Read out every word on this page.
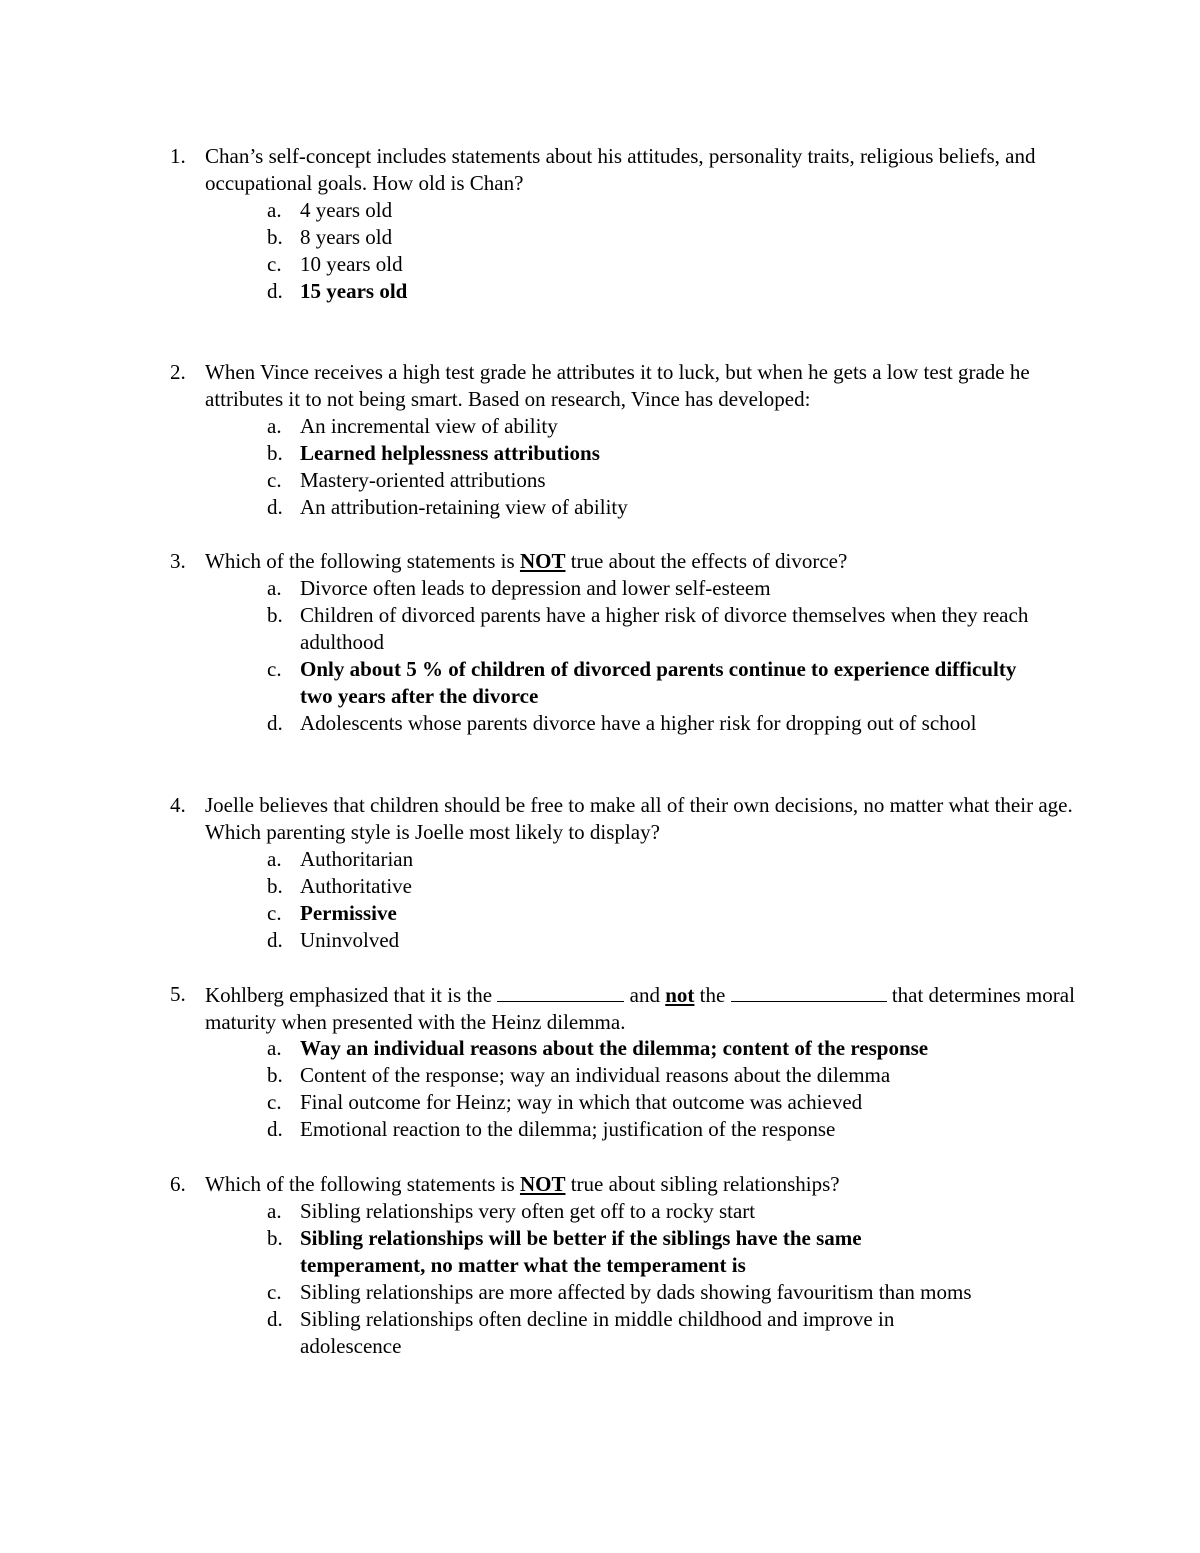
1. Chan’s self-concept includes statements about his attitudes, personality traits, religious beliefs, and occupational goals. How old is Chan?
a. 4 years old
b. 8 years old
c. 10 years old
d. 15 years old
2. When Vince receives a high test grade he attributes it to luck, but when he gets a low test grade he attributes it to not being smart. Based on research, Vince has developed:
a. An incremental view of ability
b. Learned helplessness attributions
c. Mastery-oriented attributions
d. An attribution-retaining view of ability
3. Which of the following statements is NOT true about the effects of divorce?
a. Divorce often leads to depression and lower self-esteem
b. Children of divorced parents have a higher risk of divorce themselves when they reach adulthood
c. Only about 5 % of children of divorced parents continue to experience difficulty two years after the divorce
d. Adolescents whose parents divorce have a higher risk for dropping out of school
4. Joelle believes that children should be free to make all of their own decisions, no matter what their age. Which parenting style is Joelle most likely to display?
a. Authoritarian
b. Authoritative
c. Permissive
d. Uninvolved
5. Kohlberg emphasized that it is the	and not the	that determines moral maturity when presented with the Heinz dilemma.
a. Way an individual reasons about the dilemma; content of the response
b. Content of the response; way an individual reasons about the dilemma
c. Final outcome for Heinz; way in which that outcome was achieved
d. Emotional reaction to the dilemma; justification of the response
6. Which of the following statements is NOT true about sibling relationships?
a. Sibling relationships very often get off to a rocky start
b. Sibling relationships will be better if the siblings have the same temperament, no matter what the temperament is
c. Sibling relationships are more affected by dads showing favouritism than moms
d. Sibling relationships often decline in middle childhood and improve in adolescence
